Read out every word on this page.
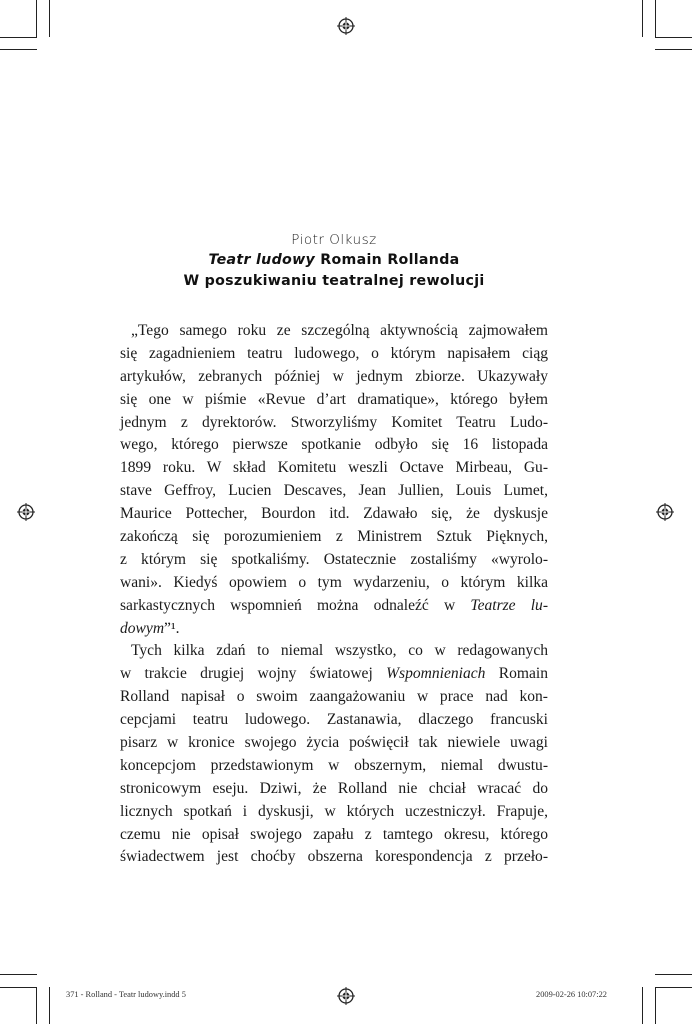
Piotr Olkusz
Teatr ludowy Romain Rollanda
W poszukiwaniu teatralnej rewolucji
„Tego samego roku ze szczególną aktywnością zajmowałem
się zagadnieniem teatru ludowego, o którym napisałem ciąg
artykułów, zebranych później w jednym zbiorze. Ukazywały
się one w piśmie «Revue d’art dramatique», którego byłem
jednym z dyrektorów. Stworzyliśmy Komitet Teatru Ludo-
wego, którego pierwsze spotkanie odbyło się 16 listopada
1899 roku. W skład Komitetu weszli Octave Mirbeau, Gu-
stave Geffroy, Lucien Descaves, Jean Jullien, Louis Lumet,
Maurice Pottecher, Bourdon itd. Zdawało się, że dyskusje
zakończą się porozumieniem z Ministrem Sztuk Pięknych,
z którym się spotkaliśmy. Ostatecznie zostaliśmy «wyrolo-
wani». Kiedyś opowiem o tym wydarzeniu, o którym kilka
sarkastycznych wspomnień można odnaleźć w Teatrze lu-
dowym”¹.
Tych kilka zdań to niemal wszystko, co w redagowanych
w trakcie drugiej wojny światowej Wspomnieniach Romain
Rolland napisał o swoim zaangażowaniu w prace nad kon-
cepcjami teatru ludowego. Zastanawia, dlaczego francuski
pisarz w kronice swojego życia poświęcił tak niewiele uwagi
koncepcjom przedstawionym w obszernym, niemal dwustu-
stronicowym eseju. Dziwi, że Rolland nie chciał wracać do
licznych spotkań i dyskusji, w których uczestniczył. Frapuje,
czemu nie opisał swojego zapału z tamtego okresu, którego
świadectwem jest choćby obszerna korespondencja z przeło-
371 - Rolland - Teatr ludowy.indd 5	2009-02-26 10:07:22
